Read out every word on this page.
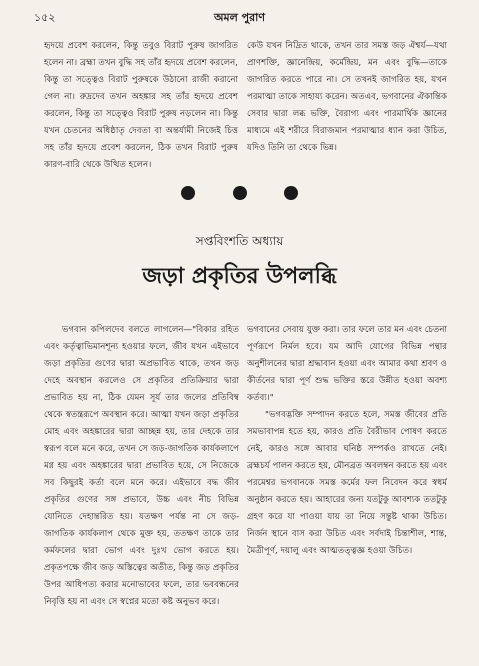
১৫২	অমল পুরাণ

হৃদয়ে প্রবেশ করলেন, কিন্তু তবুও বিরাট পুরুষ জাগরিত হলেন না। ব্রহ্মা তখন বুদ্ধি সহ তাঁর হৃদয়ে প্রবেশ করলেন, কিন্তু তা সত্ত্বেও বিরাট পুরুষকে উঠানো রাজী করানো গেল না। রুদ্রদেব তখন অহঙ্কার সহ তাঁর হৃদয়ে প্রবেশ করলেন, কিন্তু তা সত্ত্বেও বিরাট পুরুষ নড়লেন না। কিন্তু যখন চেতনের অধিষ্ঠাতৃ দেবতা বা অন্তর্যামী নিজেই চিত্ত সহ তাঁর হৃদয়ে প্রবেশ করলেন, ঠিক তখন বিরাট পুরুষ কারণ-বারি থেকে উত্থিত হলেন।

কেউ যখন নিদ্রিত থাকে, তখন তার সমস্ত জড় ঐশ্বর্য—যথা প্রাণশক্তি, জ্ঞানেন্দ্রিয়, কর্মেন্দ্রিয়, মন এবং বুদ্ধি—তাকে জাগরিত করতে পারে না। সে তখনই জাগরিত হয়, যখন পরমাত্মা তাকে সাহায্য করেন। অতএব, ভগবানের ঐকান্তিক সেবার দ্বারা লব্ধ ভক্তি, বৈরাগ্য এবং পারমার্থিক জ্ঞানের মাধ্যমে এই শরীরে বিরাজমান পরমাত্মার ধ্যান করা উচিত, যদিও তিনি তা থেকে ভিন্ন।

সপ্তবিংশতি অধ্যায়
জড়া প্রকৃতির উপলব্ধি

ভগবান কপিলদেব বলতে লাগলেন—"বিকার রহিত এবং কর্তৃত্বাভিমানশূন্য হওয়ার ফলে, জীব যখন এইভাবে জড়া প্রকৃতির গুণের দ্বারা অপ্রভাবিত থাকে, তখন জড় দেহে অবস্থান করলেও সে প্রকৃতির প্রতিক্রিয়ার দ্বারা প্রভাবিত হয় না, ঠিক যেমন সূর্য তার জলের প্রতিবিম্ব থেকে স্বতন্ত্ররূপে অবস্থান করে। আত্মা যখন জড়া প্রকৃতির মোহ এবং অহঙ্কারের দ্বারা আচ্ছন্ন হয়, তার দেহকে তার স্বরূপ বলে মনে করে, তখন সে জড়-জাগতিক কার্যকলাপে মগ্ন হয় এবং অহঙ্কারের দ্বারা প্রভাবিত হয়ে, সে নিজেকে সব কিছুরই কর্তা বলে মনে করে। এইভাবে বদ্ধ জীব প্রকৃতির গুণের সঙ্গ প্রভাবে, উচ্চ এবং নীচ বিভিন্ন যোনিতে দেহান্তরিত হয়। যতক্ষণ পর্যন্ত না সে জড়-জাগতিক কার্যকলাপ থেকে মুক্ত হয়, ততক্ষণ তাকে তার কর্মফলের দ্বারা ভোগ এবং দুঃখ ভোগ করতে হয়। প্রকৃতপক্ষে জীব জড় অস্তিত্বের অতীত, কিন্তু জড় প্রকৃতির উপর আধিপত্য করার মনোভাবের ফলে, তার ভববন্ধনের নিবৃত্তি হয় না এবং সে স্বপ্নের মতো কষ্ট অনুভব করে।

ভগবানের সেবায় যুক্ত করা। তার ফলে তার মন এবং চেতনা পূর্ণরূপে নির্মল হবে। যম আদি যোগের বিভিন্ন পন্থার অনুশীলনের দ্বারা শ্রদ্ধাবান হওয়া এবং আমার কথা শ্রবণ ও কীর্তনের দ্বারা পূর্ণ শুদ্ধ ভক্তির স্তরে উন্নীত হওয়া অবশ্য কর্তব্য।"

"ভগবদ্ভক্তি সম্পাদন করতে হলে, সমস্ত জীবের প্রতি সমভাবাপন্ন হতে হয়, কারও প্রতি বৈরীভাব পোষণ করতে নেই, কারও সঙ্গে আবার ঘনিষ্ঠ সম্পর্কও রাখতে নেই। ব্রহ্মচর্য পালন করতে হয়, মৌনব্রত অবলম্বন করতে হয় এবং পরমেশ্বর ভগবানকে সমস্ত কর্মের ফল নিবেদন করে স্বধর্ম অনুষ্ঠান করতে হয়। আহারের জন্য যতটুকু আবশ্যক ততটুকু গ্রহণ করে যা পাওয়া যায় তা নিয়ে সন্তুষ্ট থাকা উচিত। নির্জন স্থানে বাস করা উচিত এবং সর্বদাই চিন্তাশীল, শান্ত, মৈত্রীপূর্ণ, দয়ালু এবং আত্মতত্ত্বজ্ঞ হওয়া উচিত।
